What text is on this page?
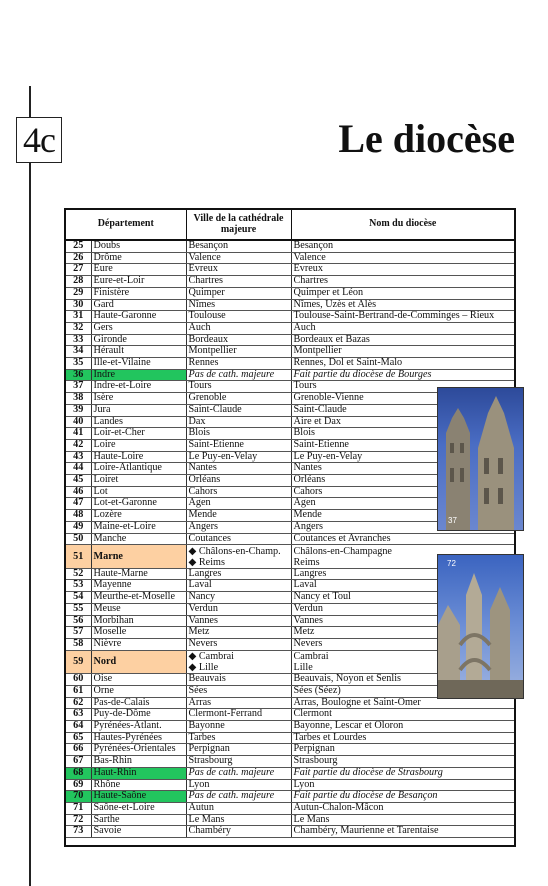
4c	Le diocèse
Département		Ville de la cathédrale majeure	Nom du diocèse
25	Doubs	Besançon	Besançon
26	Drôme	Valence	Valence
27	Eure	Évreux	Évreux
28	Eure-et-Loir	Chartres	Chartres
29	Finistère	Quimper	Quimper et Léon
30	Gard	Nîmes	Nîmes, Uzès et Alès
31	Haute-Garonne	Toulouse	Toulouse-Saint-Bertrand-de-Comminges – Rieux
32	Gers	Auch	Auch
33	Gironde	Bordeaux	Bordeaux et Bazas
34	Hérault	Montpellier	Montpellier
35	Ille-et-Vilaine	Rennes	Rennes, Dol et Saint-Malo
36	Indre	Pas de cath. majeure	Fait partie du diocèse de Bourges
37	Indre-et-Loire	Tours	Tours
38	Isère	Grenoble	Grenoble-Vienne
39	Jura	Saint-Claude	Saint-Claude
40	Landes	Dax	Aire et Dax
41	Loir-et-Cher	Blois	Blois
42	Loire	Saint-Étienne	Saint-Étienne
43	Haute-Loire	Le Puy-en-Velay	Le Puy-en-Velay
44	Loire-Atlantique	Nantes	Nantes
45	Loiret	Orléans	Orléans
46	Lot	Cahors	Cahors
47	Lot-et-Garonne	Agen	Agen
48	Lozère	Mende	Mende
49	Maine-et-Loire	Angers	Angers
50	Manche	Coutances	Coutances et Avranches
51	Marne	◆ Châlons-en-Champ.
◆ Reims	Châlons-en-Champagne
Reims
52	Haute-Marne	Langres	Langres
53	Mayenne	Laval	Laval
54	Meurthe-et-Moselle	Nancy	Nancy et Toul
55	Meuse	Verdun	Verdun
56	Morbihan	Vannes	Vannes
57	Moselle	Metz	Metz
58	Nièvre	Nevers	Nevers
59	Nord	◆ Cambrai
◆ Lille	Cambrai
Lille
60	Oise	Beauvais	Beauvais, Noyon et Senlis
61	Orne	Sées	Sées (Séez)
62	Pas-de-Calais	Arras	Arras, Boulogne et Saint-Omer
63	Puy-de-Dôme	Clermont-Ferrand	Clermont
64	Pyrénées-Atlant.	Bayonne	Bayonne, Lescar et Oloron
65	Hautes-Pyrénées	Tarbes	Tarbes et Lourdes
66	Pyrénées-Orientales	Perpignan	Perpignan
67	Bas-Rhin	Strasbourg	Strasbourg
68	Haut-Rhin	Pas de cath. majeure	Fait partie du diocèse de Strasbourg
69	Rhône	Lyon	Lyon
70	Haute-Saône	Pas de cath. majeure	Fait partie du diocèse de Besançon
71	Saône-et-Loire	Autun	Autun-Chalon-Mâcon
72	Sarthe	Le Mans	Le Mans
73	Savoie	Chambéry	Chambéry, Maurienne et Tarentaise
37
72
